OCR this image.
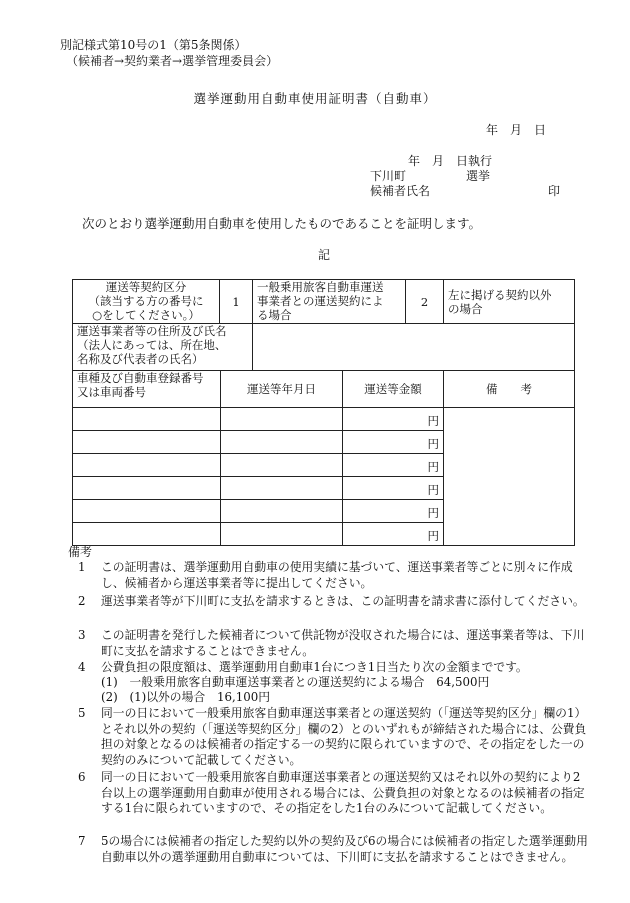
別記様式第10号の1（第5条関係）
（候補者→契約業者→選挙管理委員会）
選挙運動用自動車使用証明書（自動車）
年　月　日
年　月　日執行
下川町　　　　　選挙
候補者氏名	印
次のとおり選挙運動用自動車を使用したものであることを証明します。
記
運送等契約区分
（該当する方の番号に
○をしてください。）	1	一般乗用旅客自動車運送
事業者との運送契約によ
る場合	2	左に掲げる契約以外
の場合
運送事業者等の住所及び氏名
（法人にあっては、所在地、
名称及び代表者の氏名）	
車種及び自動車登録番号
又は車両番号	運送等年月日	運送等金額	備　　考
		円	
		円	
		円	
		円	
		円	
		円	
備考
1 この証明書は、選挙運動用自動車の使用実績に基づいて、運送事業者等ごとに別々に作成し、候補者から運送事業者等に提出してください。
2 運送事業者等が下川町に支払を請求するときは、この証明書を請求書に添付してください。
3 この証明書を発行した候補者について供託物が没収された場合には、運送事業者等は、下川町に支払を請求することはできません。
4 公費負担の限度額は、選挙運動用自動車1台につき1日当たり次の金額までです。
(1)　一般乗用旅客自動車運送事業者との運送契約による場合　64,500円
(2)　(1)以外の場合　16,100円
5 同一の日において一般乗用旅客自動車運送事業者との運送契約（「運送等契約区分」欄の1）とそれ以外の契約（「運送等契約区分」欄の2）とのいずれもが締結された場合には、公費負担の対象となるのは候補者の指定する一の契約に限られていますので、その指定をした一の契約のみについて記載してください。
6 同一の日において一般乗用旅客自動車運送事業者との運送契約又はそれ以外の契約により2台以上の選挙運動用自動車が使用される場合には、公費負担の対象となるのは候補者の指定する1台に限られていますので、その指定をした1台のみについて記載してください。
7 5の場合には候補者の指定した契約以外の契約及び6の場合には候補者の指定した選挙運動用自動車以外の選挙運動用自動車については、下川町に支払を請求することはできません。
